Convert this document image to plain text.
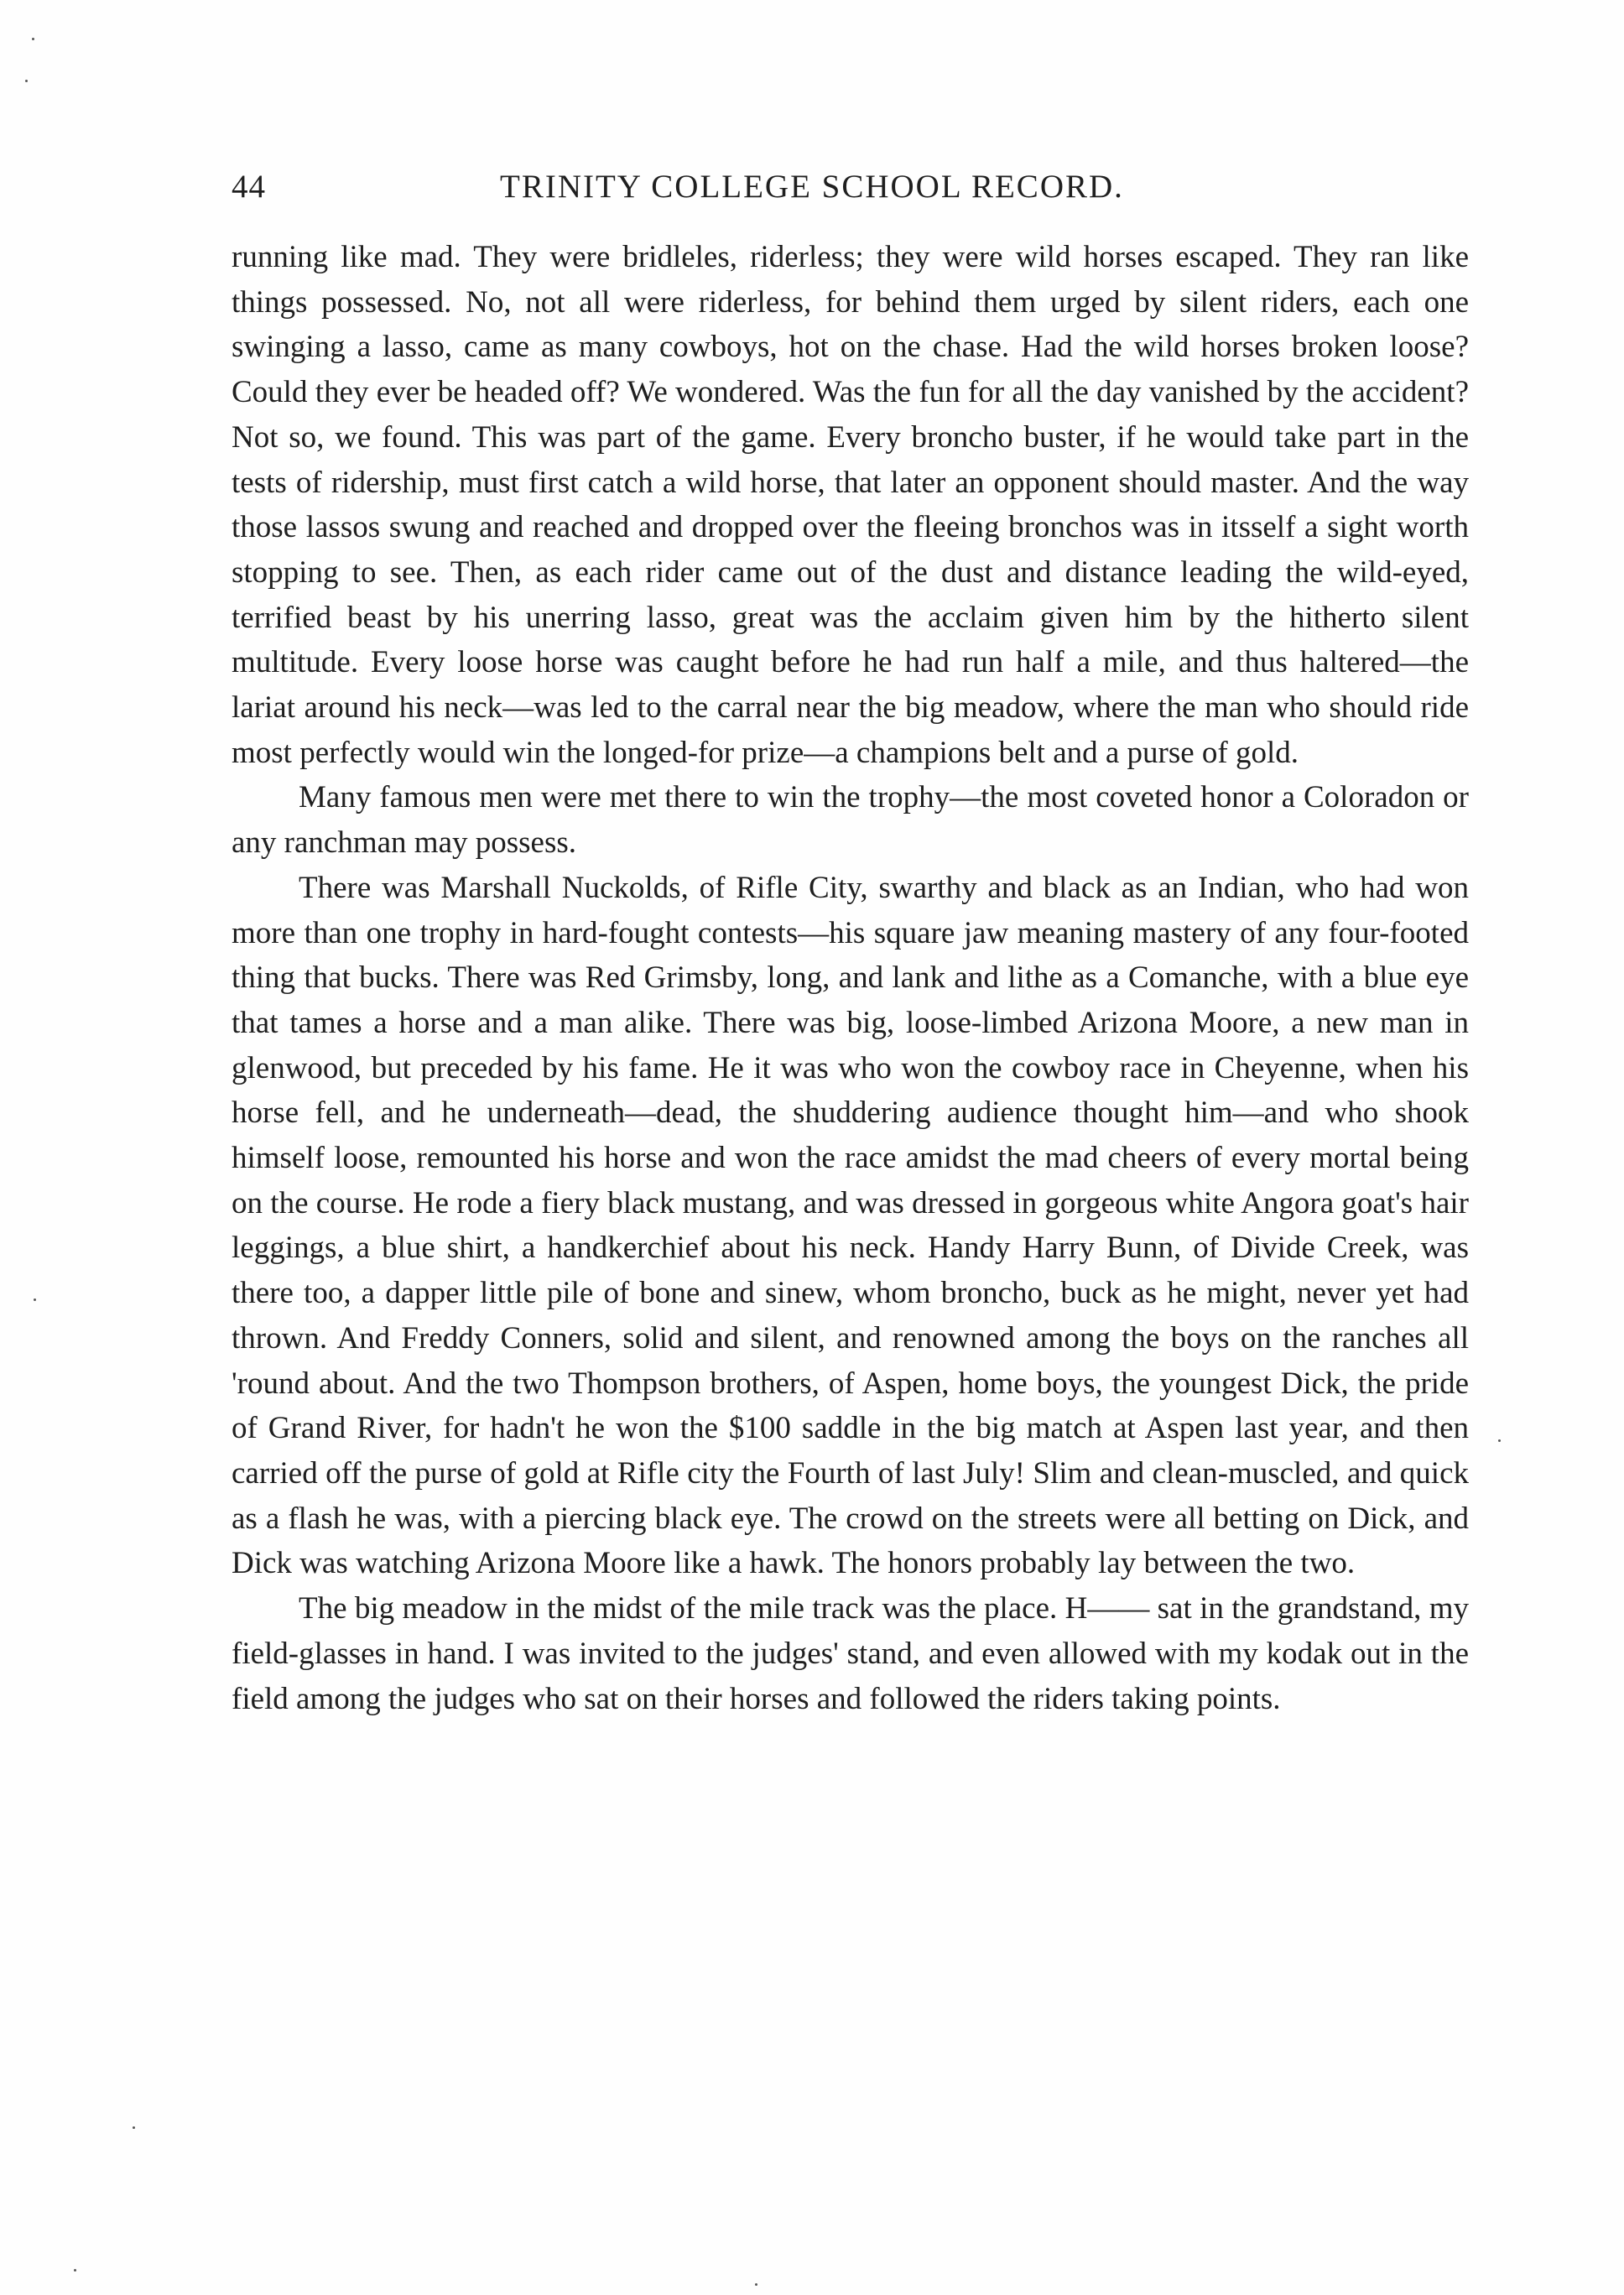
44	TRINITY COLLEGE SCHOOL RECORD.

running like mad. They were bridleles, riderless; they were wild horses escaped. They ran like things possessed. No, not all were riderless, for behind them urged by silent riders, each one swinging a lasso, came as many cowboys, hot on the chase. Had the wild horses broken loose? Could they ever be headed off? We wondered. Was the fun for all the day vanished by the accident? Not so, we found. This was part of the game. Every broncho buster, if he would take part in the tests of ridership, must first catch a wild horse, that later an opponent should master. And the way those lassos swung and reached and dropped over the fleeing bronchos was in itsself a sight worth stopping to see. Then, as each rider came out of the dust and distance leading the wild-eyed, terrified beast by his unerring lasso, great was the acclaim given him by the hitherto silent multitude. Every loose horse was caught before he had run half a mile, and thus haltered—the lariat around his neck—was led to the carral near the big meadow, where the man who should ride most perfectly would win the longed-for prize—a champions belt and a purse of gold.

Many famous men were met there to win the trophy—the most coveted honor a Coloradon or any ranchman may possess.

There was Marshall Nuckolds, of Rifle City, swarthy and black as an Indian, who had won more than one trophy in hard-fought contests—his square jaw meaning mastery of any four-footed thing that bucks. There was Red Grimsby, long, and lank and lithe as a Comanche, with a blue eye that tames a horse and a man alike. There was big, loose-limbed Arizona Moore, a new man in glenwood, but preceded by his fame. He it was who won the cowboy race in Cheyenne, when his horse fell, and he underneath—dead, the shuddering audience thought him—and who shook himself loose, remounted his horse and won the race amidst the mad cheers of every mortal being on the course. He rode a fiery black mustang, and was dressed in gorgeous white Angora goat's hair leggings, a blue shirt, a handkerchief about his neck. Handy Harry Bunn, of Divide Creek, was there too, a dapper little pile of bone and sinew, whom broncho, buck as he might, never yet had thrown. And Freddy Conners, solid and silent, and renowned among the boys on the ranches all 'round about. And the two Thompson brothers, of Aspen, home boys, the youngest Dick, the pride of Grand River, for hadn't he won the $100 saddle in the big match at Aspen last year, and then carried off the purse of gold at Rifle city the Fourth of last July! Slim and clean-muscled, and quick as a flash he was, with a piercing black eye. The crowd on the streets were all betting on Dick, and Dick was watching Arizona Moore like a hawk. The honors probably lay between the two.

The big meadow in the midst of the mile track was the place. H—— sat in the grandstand, my field-glasses in hand. I was invited to the judges' stand, and even allowed with my kodak out in the field among the judges who sat on their horses and followed the riders taking points.
